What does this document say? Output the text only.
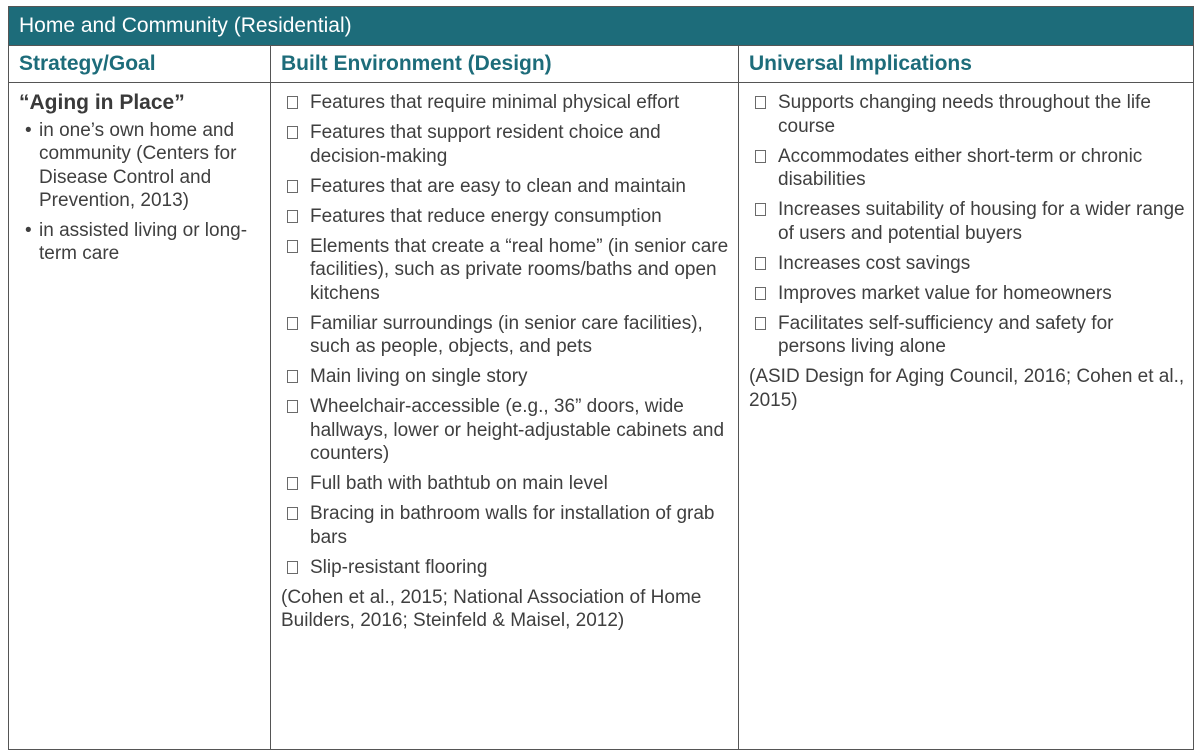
Home and Community (Residential)
Strategy/Goal	Built Environment (Design)	Universal Implications
“Aging in Place”
• in one’s own home and community (Centers for Disease Control and Prevention, 2013)
• in assisted living or long-term care
Features that require minimal physical effort
Features that support resident choice and decision-making
Features that are easy to clean and maintain
Features that reduce energy consumption
Elements that create a “real home” (in senior care facilities), such as private rooms/baths and open kitchens
Familiar surroundings (in senior care facilities), such as people, objects, and pets
Main living on single story
Wheelchair-accessible (e.g., 36” doors, wide hallways, lower or height-adjustable cabinets and counters)
Full bath with bathtub on main level
Bracing in bathroom walls for installation of grab bars
Slip-resistant flooring
(Cohen et al., 2015; National Association of Home Builders, 2016; Steinfeld & Maisel, 2012)
Supports changing needs throughout the life course
Accommodates either short-term or chronic disabilities
Increases suitability of housing for a wider range of users and potential buyers
Increases cost savings
Improves market value for homeowners
Facilitates self-sufficiency and safety for persons living alone
(ASID Design for Aging Council, 2016; Cohen et al., 2015)
